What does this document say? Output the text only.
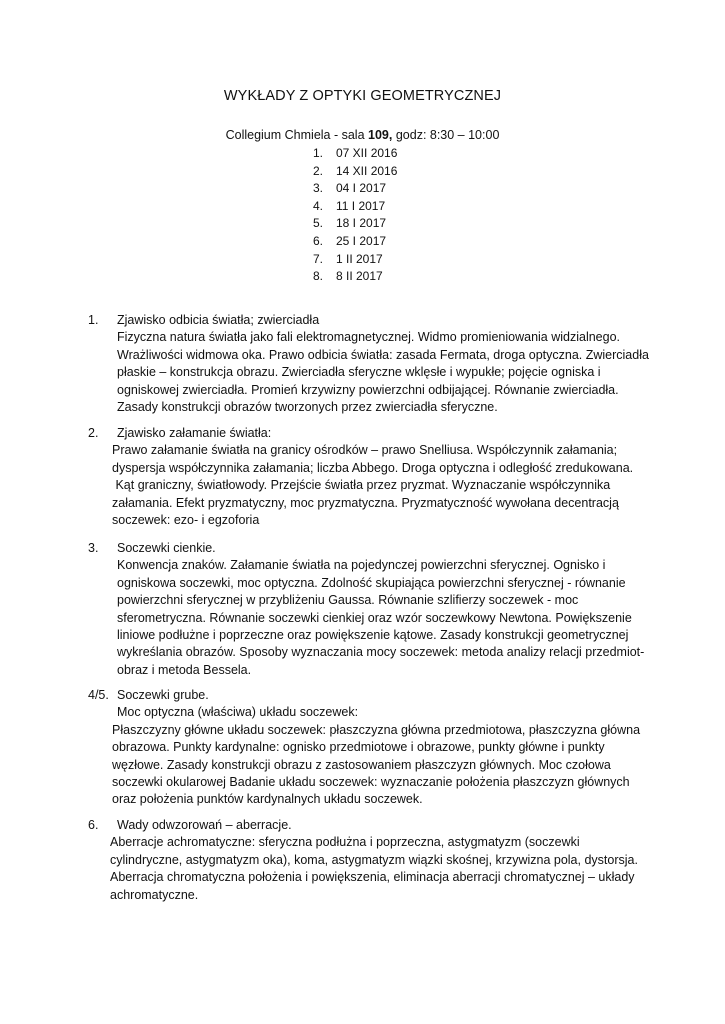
WYKŁADY Z OPTYKI GEOMETRYCZNEJ
Collegium Chmiela - sala 109, godz: 8:30 – 10:00
1. 07 XII 2016
2. 14 XII 2016
3. 04 I 2017
4. 11 I 2017
5. 18 I 2017
6. 25 I 2017
7. 1 II 2017
8. 8 II 2017
1. Zjawisko odbicia światła; zwierciadła
Fizyczna natura światła jako fali elektromagnetycznej. Widmo promieniowania widzialnego.
Wrażliwości widmowa oka. Prawo odbicia światła: zasada Fermata, droga optyczna. Zwierciadła
płaskie – konstrukcja obrazu. Zwierciadła sferyczne wklęsłe i wypukłe; pojęcie ogniska i
ogniskowej zwierciadła. Promień krzywizny powierzchni odbijającej. Równanie zwierciadła.
Zasady konstrukcji obrazów tworzonych przez zwierciadła sferyczne.
2. Zjawisko załamanie światła:
Prawo załamanie światła na granicy ośrodków – prawo Snelliusa. Współczynnik załamania;
dyspersja współczynnika załamania; liczba Abbego. Droga optyczna i odległość zredukowana.
Kąt graniczny, światłowody. Przejście światła przez pryzmat. Wyznaczanie współczynnika
załamania. Efekt pryzmatyczny, moc pryzmatyczna. Pryzmatyczność wywołana decentracją
soczewek: ezo- i egzoforia
3. Soczewki cienkie.
Konwencja znaków. Załamanie światła na pojedynczej powierzchni sferycznej. Ognisko i
ogniskowa soczewki, moc optyczna. Zdolność skupiająca powierzchni sferycznej - równanie
powierzchni sferycznej w przybliżeniu Gaussa. Równanie szlifierzy soczewek - moc
sferometryczna. Równanie soczewki cienkiej oraz wzór soczewkowy Newtona. Powiększenie
liniowe podłużne i poprzeczne oraz powiększenie kątowe. Zasady konstrukcji geometrycznej
wykreślania obrazów. Sposoby wyznaczania mocy soczewek: metoda analizy relacji przedmiot-
obraz i metoda Bessela.
4/5. Soczewki grube.
Moc optyczna (właściwa) układu soczewek:
Płaszczyzny główne układu soczewek: płaszczyzna główna przedmiotowa, płaszczyzna główna
obrazowa. Punkty kardynalne: ognisko przedmiotowe i obrazowe, punkty główne i punkty
węzłowe. Zasady konstrukcji obrazu z zastosowaniem płaszczyzn głównych. Moc czołowa
soczewki okularowej Badanie układu soczewek: wyznaczanie położenia płaszczyzn głównych
oraz położenia punktów kardynalnych układu soczewek.
6. Wady odwzorowań – aberracje.
Aberracje achromatyczne: sferyczna podłużna i poprzeczna, astygmatyzm (soczewki
cylindryczne, astygmatyzm oka), koma, astygmatyzm wiązki skośnej, krzywizna pola, dystorsja.
Aberracja chromatyczna położenia i powiększenia, eliminacja aberracji chromatycznej – układy
achromatyczne.
